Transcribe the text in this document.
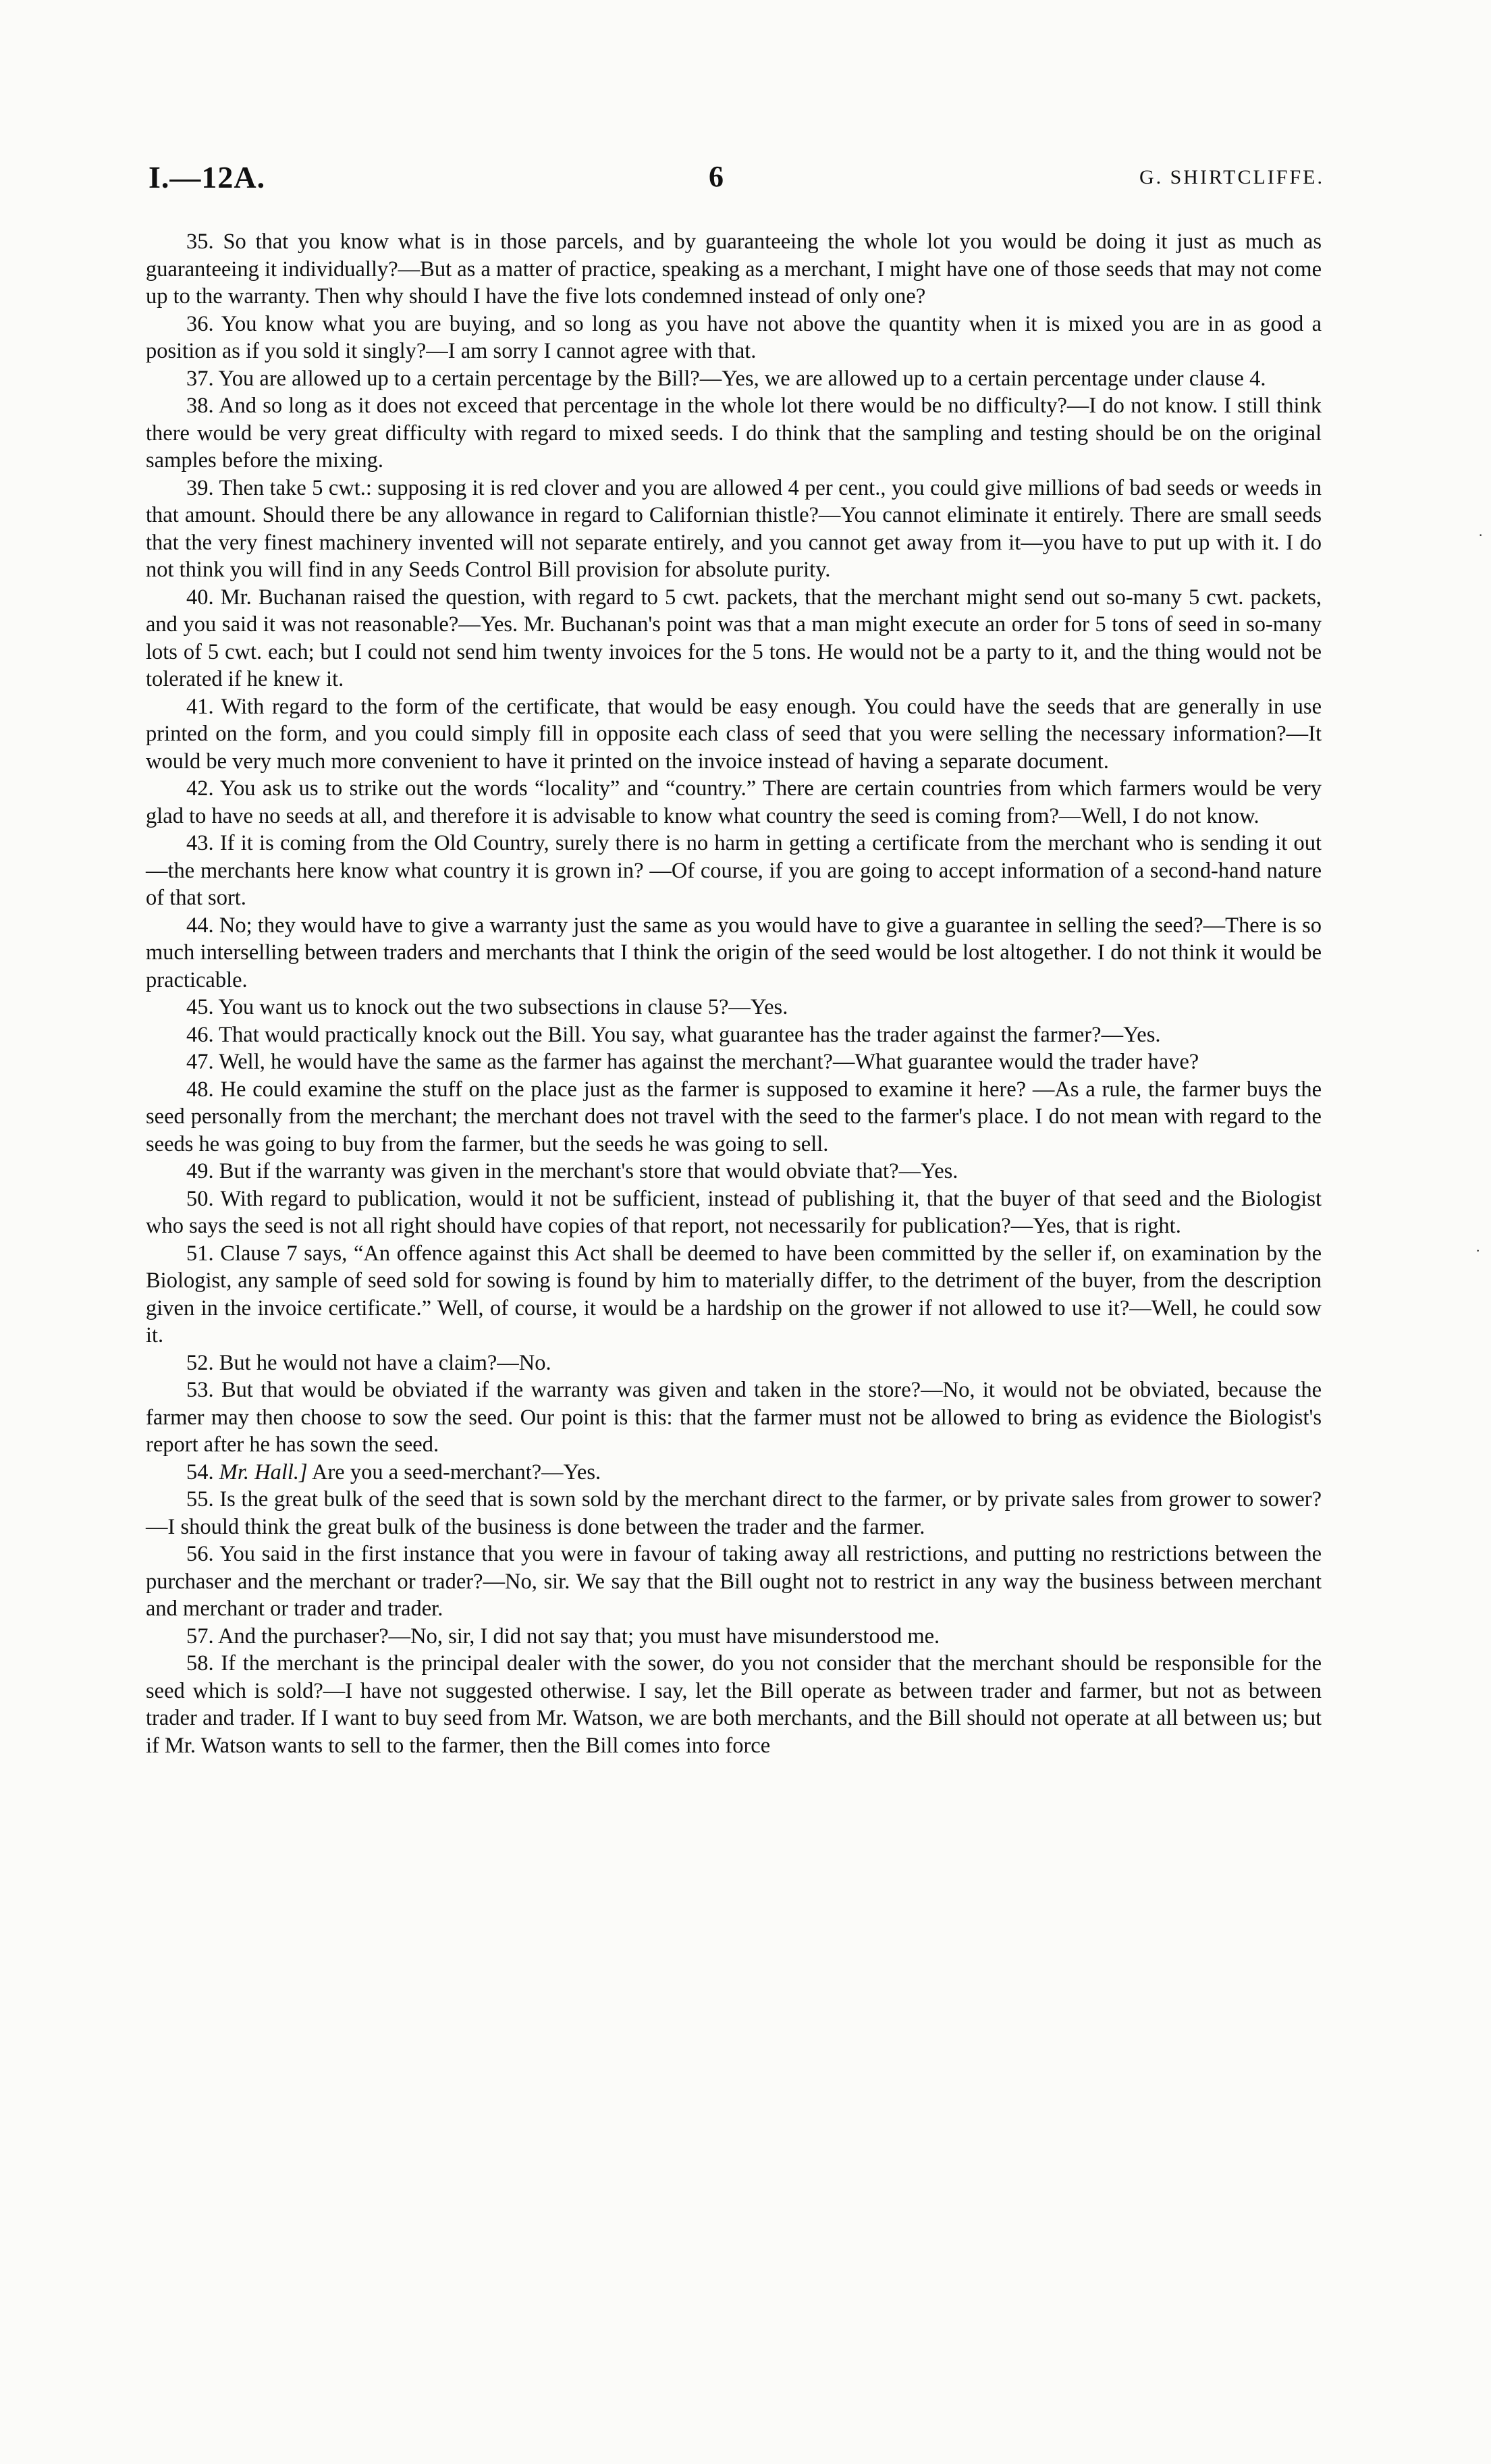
I.—12A.	6	G. SHIRTCLIFFE.

35. So that you know what is in those parcels, and by guaranteeing the whole lot you would be doing it just as much as guaranteeing it individually?—But as a matter of practice, speaking as a merchant, I might have one of those seeds that may not come up to the warranty. Then why should I have the five lots condemned instead of only one?

36. You know what you are buying, and so long as you have not above the quantity when it is mixed you are in as good a position as if you sold it singly?—I am sorry I cannot agree with that.

37. You are allowed up to a certain percentage by the Bill?—Yes, we are allowed up to a certain percentage under clause 4.

38. And so long as it does not exceed that percentage in the whole lot there would be no difficulty?—I do not know. I still think there would be very great difficulty with regard to mixed seeds. I do think that the sampling and testing should be on the original samples before the mixing.

39. Then take 5 cwt.: supposing it is red clover and you are allowed 4 per cent., you could give millions of bad seeds or weeds in that amount. Should there be any allowance in regard to Californian thistle?—You cannot eliminate it entirely. There are small seeds that the very finest machinery invented will not separate entirely, and you cannot get away from it—you have to put up with it. I do not think you will find in any Seeds Control Bill provision for absolute purity.

40. Mr. Buchanan raised the question, with regard to 5 cwt. packets, that the merchant might send out so-many 5 cwt. packets, and you said it was not reasonable?—Yes. Mr. Buchanan's point was that a man might execute an order for 5 tons of seed in so-many lots of 5 cwt. each; but I could not send him twenty invoices for the 5 tons. He would not be a party to it, and the thing would not be tolerated if he knew it.

41. With regard to the form of the certificate, that would be easy enough. You could have the seeds that are generally in use printed on the form, and you could simply fill in opposite each class of seed that you were selling the necessary information?—It would be very much more convenient to have it printed on the invoice instead of having a separate document.

42. You ask us to strike out the words “locality” and “country.” There are certain countries from which farmers would be very glad to have no seeds at all, and therefore it is advisable to know what country the seed is coming from?—Well, I do not know.

43. If it is coming from the Old Country, surely there is no harm in getting a certificate from the merchant who is sending it out—the merchants here know what country it is grown in? —Of course, if you are going to accept information of a second-hand nature of that sort.

44. No; they would have to give a warranty just the same as you would have to give a guarantee in selling the seed?—There is so much interselling between traders and merchants that I think the origin of the seed would be lost altogether. I do not think it would be practicable.

45. You want us to knock out the two subsections in clause 5?—Yes.

46. That would practically knock out the Bill. You say, what guarantee has the trader against the farmer?—Yes.

47. Well, he would have the same as the farmer has against the merchant?—What guarantee would the trader have?

48. He could examine the stuff on the place just as the farmer is supposed to examine it here? —As a rule, the farmer buys the seed personally from the merchant; the merchant does not travel with the seed to the farmer's place. I do not mean with regard to the seeds he was going to buy from the farmer, but the seeds he was going to sell.

49. But if the warranty was given in the merchant's store that would obviate that?—Yes.

50. With regard to publication, would it not be sufficient, instead of publishing it, that the buyer of that seed and the Biologist who says the seed is not all right should have copies of that report, not necessarily for publication?—Yes, that is right.

51. Clause 7 says, “An offence against this Act shall be deemed to have been committed by the seller if, on examination by the Biologist, any sample of seed sold for sowing is found by him to materially differ, to the detriment of the buyer, from the description given in the invoice certificate.” Well, of course, it would be a hardship on the grower if not allowed to use it?—Well, he could sow it.

52. But he would not have a claim?—No.

53. But that would be obviated if the warranty was given and taken in the store?—No, it would not be obviated, because the farmer may then choose to sow the seed. Our point is this: that the farmer must not be allowed to bring as evidence the Biologist's report after he has sown the seed.

54. Mr. Hall.] Are you a seed-merchant?—Yes.

55. Is the great bulk of the seed that is sown sold by the merchant direct to the farmer, or by private sales from grower to sower?—I should think the great bulk of the business is done between the trader and the farmer.

56. You said in the first instance that you were in favour of taking away all restrictions, and putting no restrictions between the purchaser and the merchant or trader?—No, sir. We say that the Bill ought not to restrict in any way the business between merchant and merchant or trader and trader.

57. And the purchaser?—No, sir, I did not say that; you must have misunderstood me.

58. If the merchant is the principal dealer with the sower, do you not consider that the merchant should be responsible for the seed which is sold?—I have not suggested otherwise. I say, let the Bill operate as between trader and farmer, but not as between trader and trader. If I want to buy seed from Mr. Watson, we are both merchants, and the Bill should not operate at all between us; but if Mr. Watson wants to sell to the farmer, then the Bill comes into force

·
·
